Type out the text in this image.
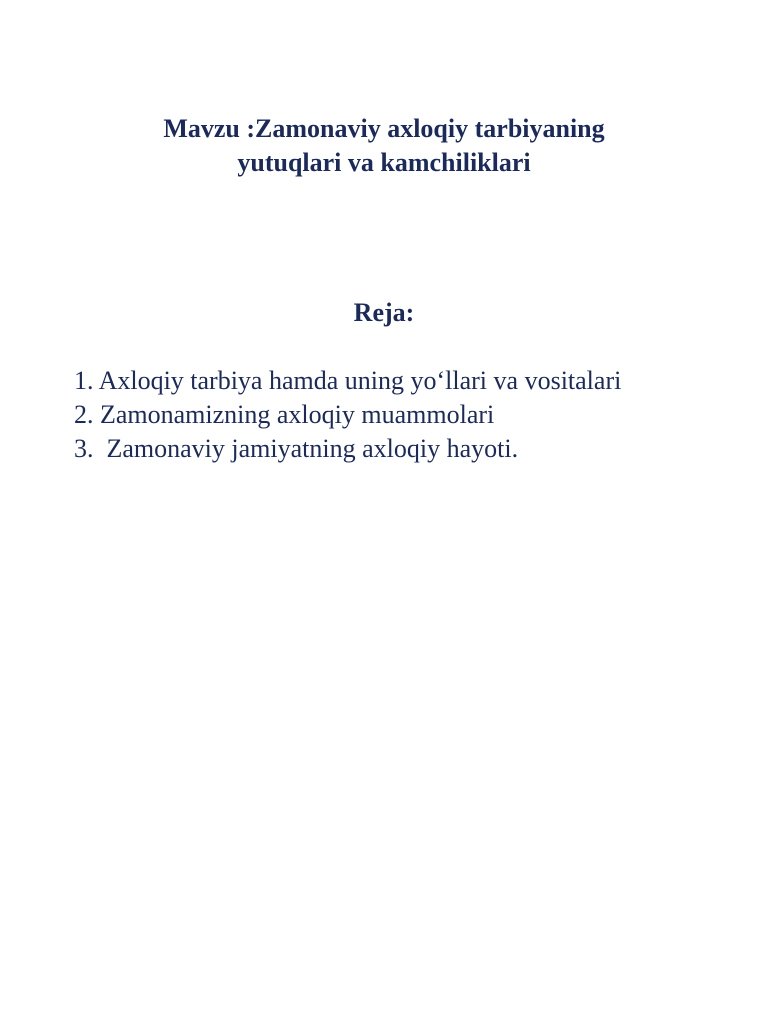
Mavzu :Zamonaviy axloqiy tarbiyaning
yutuqlari va kamchiliklari
Reja:
1. Axloqiy tarbiya hamda uning yo‘llari va vositalari
2. Zamonamizning axloqiy muammolari
3.  Zamonaviy jamiyatning axloqiy hayoti.
